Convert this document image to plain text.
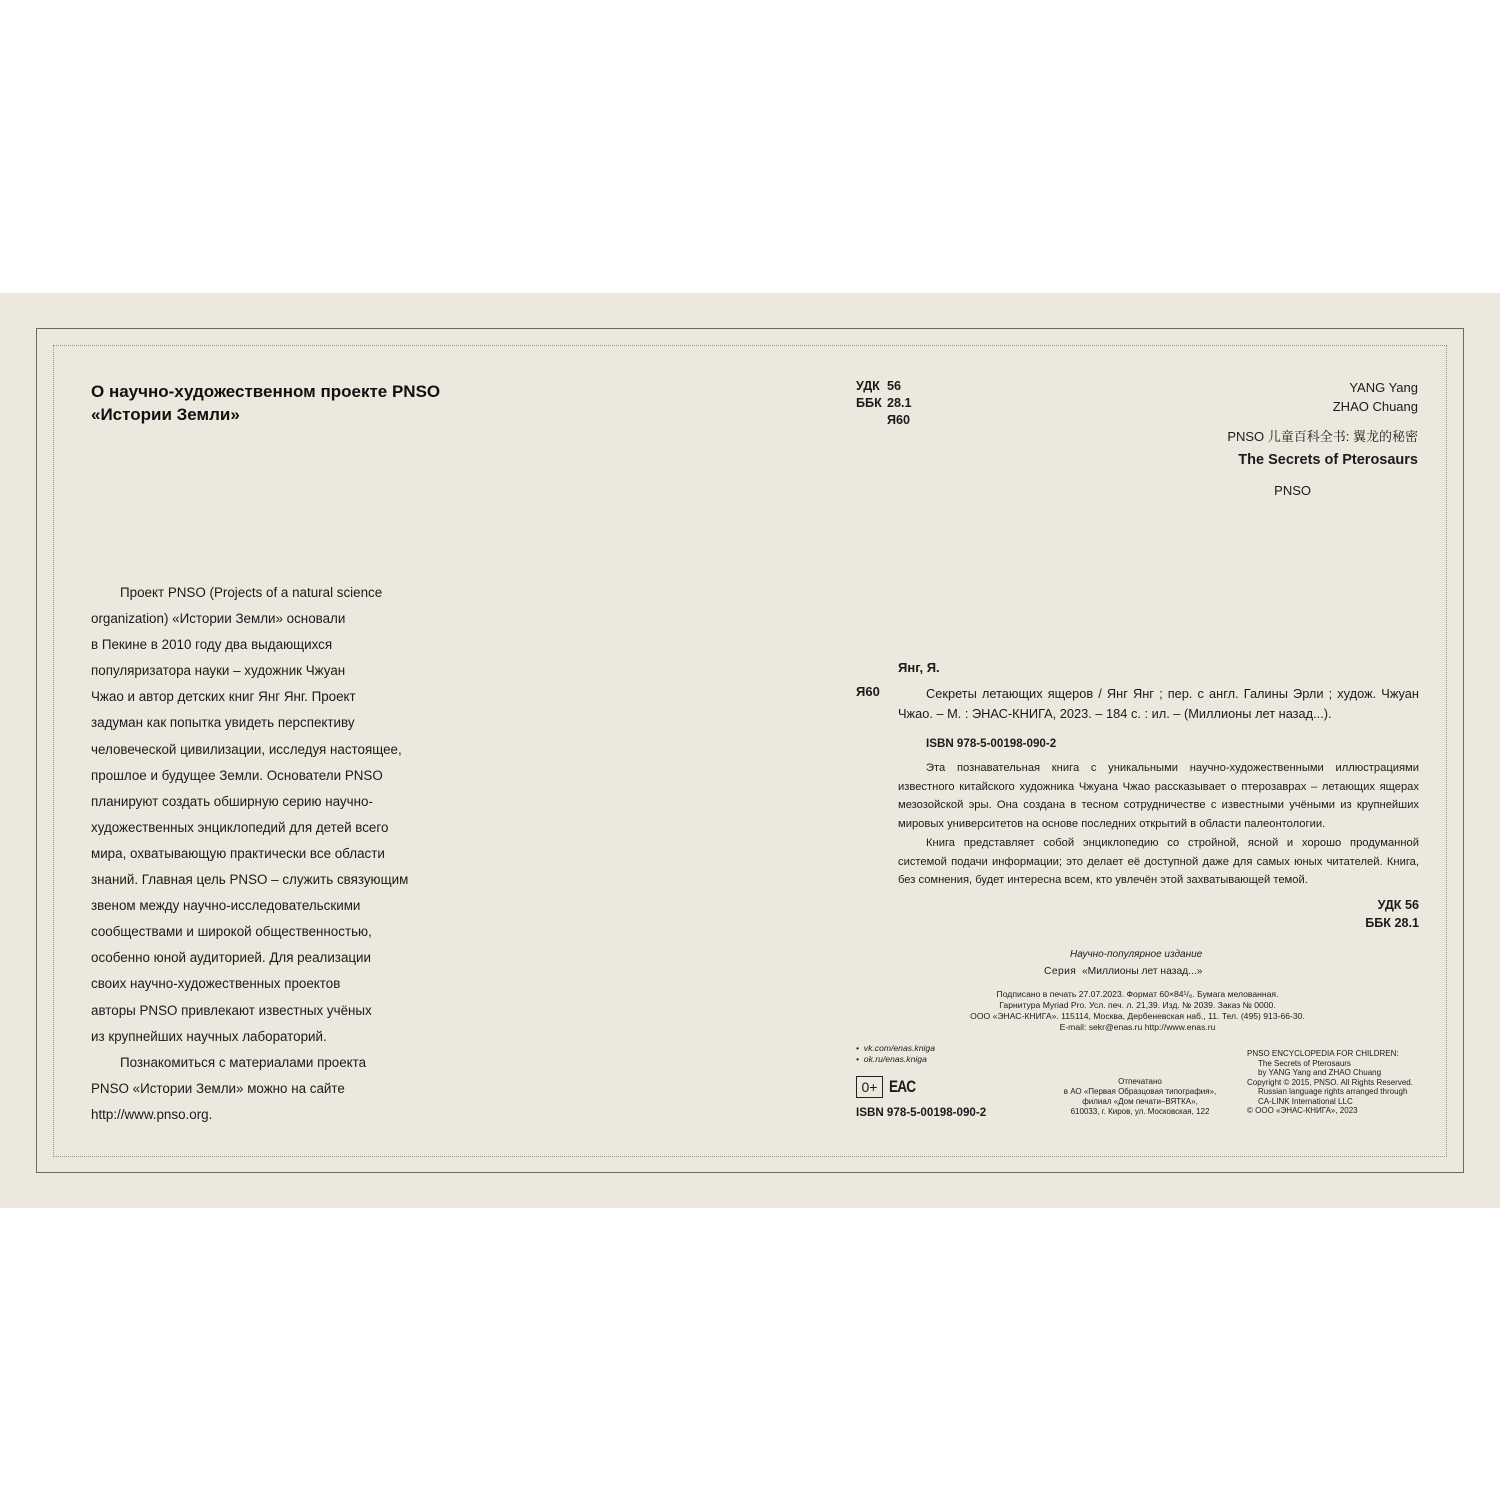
О научно-художественном проекте PNSO
«Истории Земли»

Проект PNSO (Projects of a natural science

organization) «Истории Земли» основали

в Пекине в 2010 году два выдающихся

популяризатора науки – художник Чжуан

Чжао и автор детских книг Янг Янг. Проект

задуман как попытка увидеть перспективу

человеческой цивилизации, исследуя настоящее,

прошлое и будущее Земли. Основатели PNSO

планируют создать обширную серию научно-

художественных энциклопедий для детей всего

мира, охватывающую практически все области

знаний. Главная цель PNSO – служить связующим

звеном между научно-исследовательскими

сообществами и широкой общественностью,

особенно юной аудиторией. Для реализации

своих научно-художественных проектов

авторы PNSO привлекают известных учёных

из крупнейших научных лабораторий.

Познакомиться с материалами проекта

PNSO «Истории Земли» можно на сайте

http://www.pnso.org.

УДК 56
ББК 28.1
Я60
YANG Yang
ZHAO Chuang
PNSO 儿童百科全书: 翼龙的秘密
The Secrets of Pterosaurs
PNSO
Янг, Я.
Я60	Секреты летающих ящеров / Янг Янг ; пер. с англ. Галины Эрли ; худож. Чжуан Чжао. – М. : ЭНАС-КНИГА, 2023. – 184 с. : ил. – (Миллионы лет назад...).
ISBN 978-5-00198-090-2

Эта познавательная книга с уникальными научно-художественными иллюстрациями известного китайского художника Чжуана Чжао рассказывает о птерозаврах – летающих ящерах мезозойской эры. Она создана в тесном сотрудничестве с известными учёными из крупнейших мировых университетов на основе последних открытий в области палеонтологии.

Книга представляет собой энциклопедию со стройной, ясной и хорошо продуманной системой подачи информации; это делает её доступной даже для самых юных читателей. Книга, без сомнения, будет интересна всем, кто увлечён этой захватывающей темой.

УДК 56
ББК 28.1
Научно-популярное издание
Серия «Миллионы лет назад...»
Подписано в печать 27.07.2023. Формат 60×84¹/₈. Бумага мелованная.
Гарнитура Myriad Pro. Усл. печ. л. 21,39. Изд. № 2039. Заказ № 0000.
ООО «ЭНАС-КНИГА». 115114, Москва, Дербеневская наб., 11. Тел. (495) 913-66-30.
E-mail: sekr@enas.ru http://www.enas.ru
•  vk.com/enas.kniga
•  ok.ru/enas.kniga
0+ EAC
ISBN 978-5-00198-090-2
Отпечатано
в АО «Первая Образцовая типография»,
филиал «Дом печати–ВЯТКА»,
610033, г. Киров, ул. Московская, 122
PNSO ENCYCLOPEDIA FOR CHILDREN:
The Secrets of Pterosaurs
by YANG Yang and ZHAO Chuang
Copyright © 2015, PNSO. All Rights Reserved.
Russian language rights arranged through
CA-LINK International LLC
© ООО «ЭНАС-КНИГА», 2023
